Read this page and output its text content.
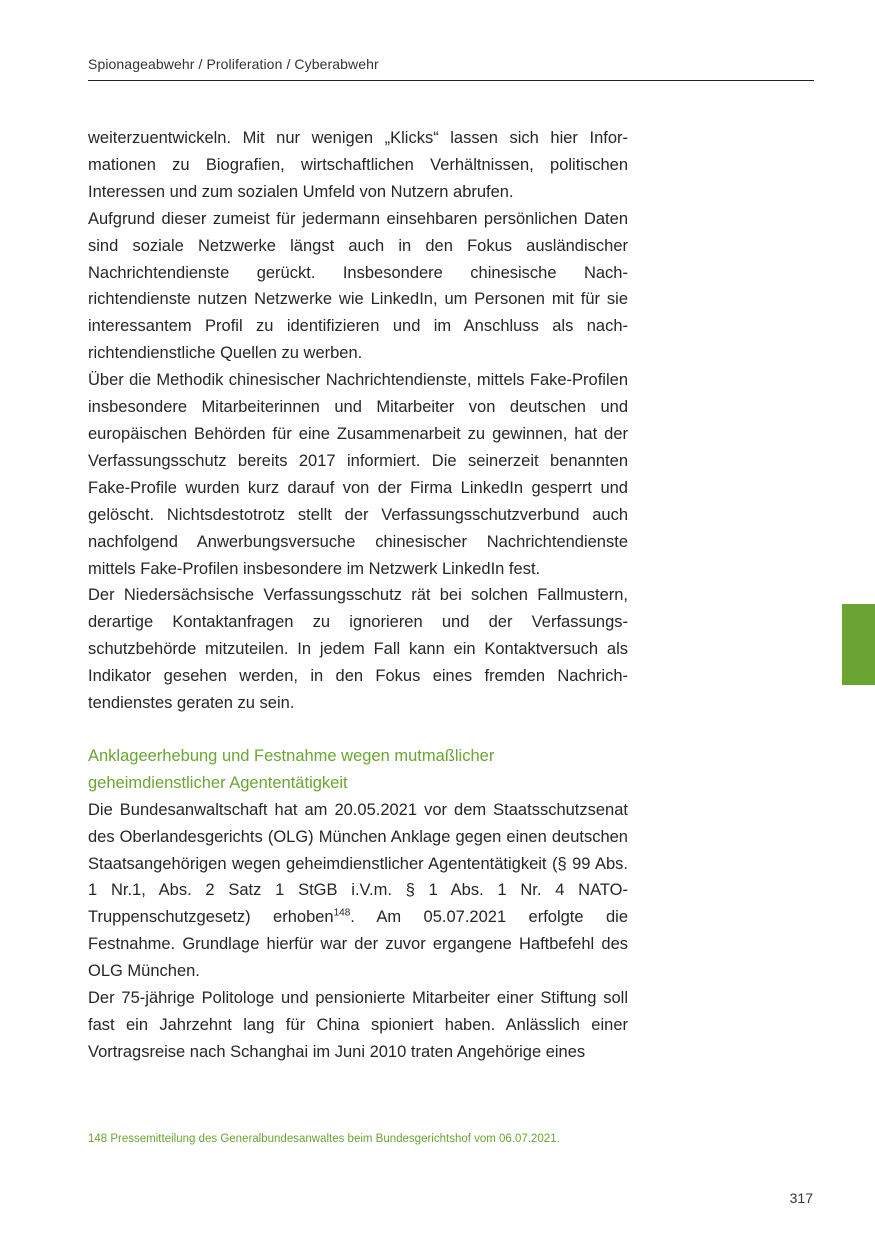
Spionageabwehr / Proliferation / Cyberabwehr

weiterzuentwickeln. Mit nur wenigen „Klicks“ lassen sich hier Informationen zu Biografien, wirtschaftlichen Verhältnissen, politischen Interessen und zum sozialen Umfeld von Nutzern abrufen.

Aufgrund dieser zumeist für jedermann einsehbaren persönlichen Daten sind soziale Netzwerke längst auch in den Fokus ausländischer Nachrichtendienste gerückt. Insbesondere chinesische Nachrichtendienste nutzen Netzwerke wie LinkedIn, um Personen mit für sie interessantem Profil zu identifizieren und im Anschluss als nachrichtendienstliche Quellen zu werben.

Über die Methodik chinesischer Nachrichtendienste, mittels Fake-Profilen insbesondere Mitarbeiterinnen und Mitarbeiter von deutschen und europäischen Behörden für eine Zusammenarbeit zu gewinnen, hat der Verfassungsschutz bereits 2017 informiert. Die seinerzeit benannten Fake-Profile wurden kurz darauf von der Firma LinkedIn gesperrt und gelöscht. Nichtsdestotrotz stellt der Verfassungsschutzverbund auch nachfolgend Anwerbungsversuche chinesischer Nachrichtendienste mittels Fake-Profilen insbesondere im Netzwerk LinkedIn fest.

Der Niedersächsische Verfassungsschutz rät bei solchen Fallmustern, derartige Kontaktanfragen zu ignorieren und der Verfassungsschutzbehörde mitzuteilen. In jedem Fall kann ein Kontaktversuch als Indikator gesehen werden, in den Fokus eines fremden Nachrichtendienstes geraten zu sein.

Anklageerhebung und Festnahme wegen mutmaßlicher
geheimdienstlicher Agententätigkeit

Die Bundesanwaltschaft hat am 20.05.2021 vor dem Staatsschutzsenat des Oberlandesgerichts (OLG) München Anklage gegen einen deutschen Staatsangehörigen wegen geheimdienstlicher Agententätigkeit (§ 99 Abs. 1 Nr.1, Abs. 2 Satz 1 StGB i.V.m. § 1 Abs. 1 Nr. 4 NATO-Truppenschutzgesetz) erhoben$^{148}$. Am 05.07.2021 erfolgte die Festnahme. Grundlage hierfür war der zuvor ergangene Haftbefehl des OLG München.

Der 75-jährige Politologe und pensionierte Mitarbeiter einer Stiftung soll fast ein Jahrzehnt lang für China spioniert haben. Anlässlich einer Vortragsreise nach Schanghai im Juni 2010 traten Angehörige eines

148 Pressemitteilung des Generalbundesanwaltes beim Bundesgerichtshof vom 06.07.2021.
317
